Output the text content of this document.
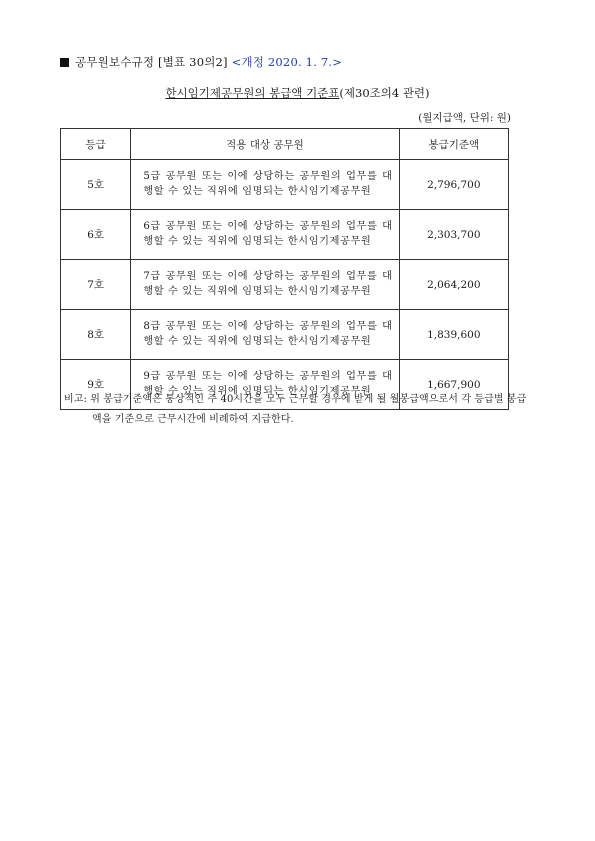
공무원보수규정 [별표 30의2] <개정 2020. 1. 7.>
한시임기제공무원의 봉급액 기준표(제30조의4 관련)
(월지급액, 단위: 원)
등급	적용 대상 공무원	봉급기준액
5호	5급 공무원 또는 이에 상당하는 공무원의 업무를 대행할 수 있는 직위에 임명되는 한시임기제공무원	2,796,700
6호	6급 공무원 또는 이에 상당하는 공무원의 업무를 대행할 수 있는 직위에 임명되는 한시임기제공무원	2,303,700
7호	7급 공무원 또는 이에 상당하는 공무원의 업무를 대행할 수 있는 직위에 임명되는 한시임기제공무원	2,064,200
8호	8급 공무원 또는 이에 상당하는 공무원의 업무를 대행할 수 있는 직위에 임명되는 한시임기제공무원	1,839,600
9호	9급 공무원 또는 이에 상당하는 공무원의 업무를 대행할 수 있는 직위에 임명되는 한시임기제공무원	1,667,900
비고: 위 봉급기준액은 통상적인 주 40시간을 모두 근무할 경우에 받게 될 월봉급액으로서 각 등급별 봉급액을 기준으로 근무시간에 비례하여 지급한다.
